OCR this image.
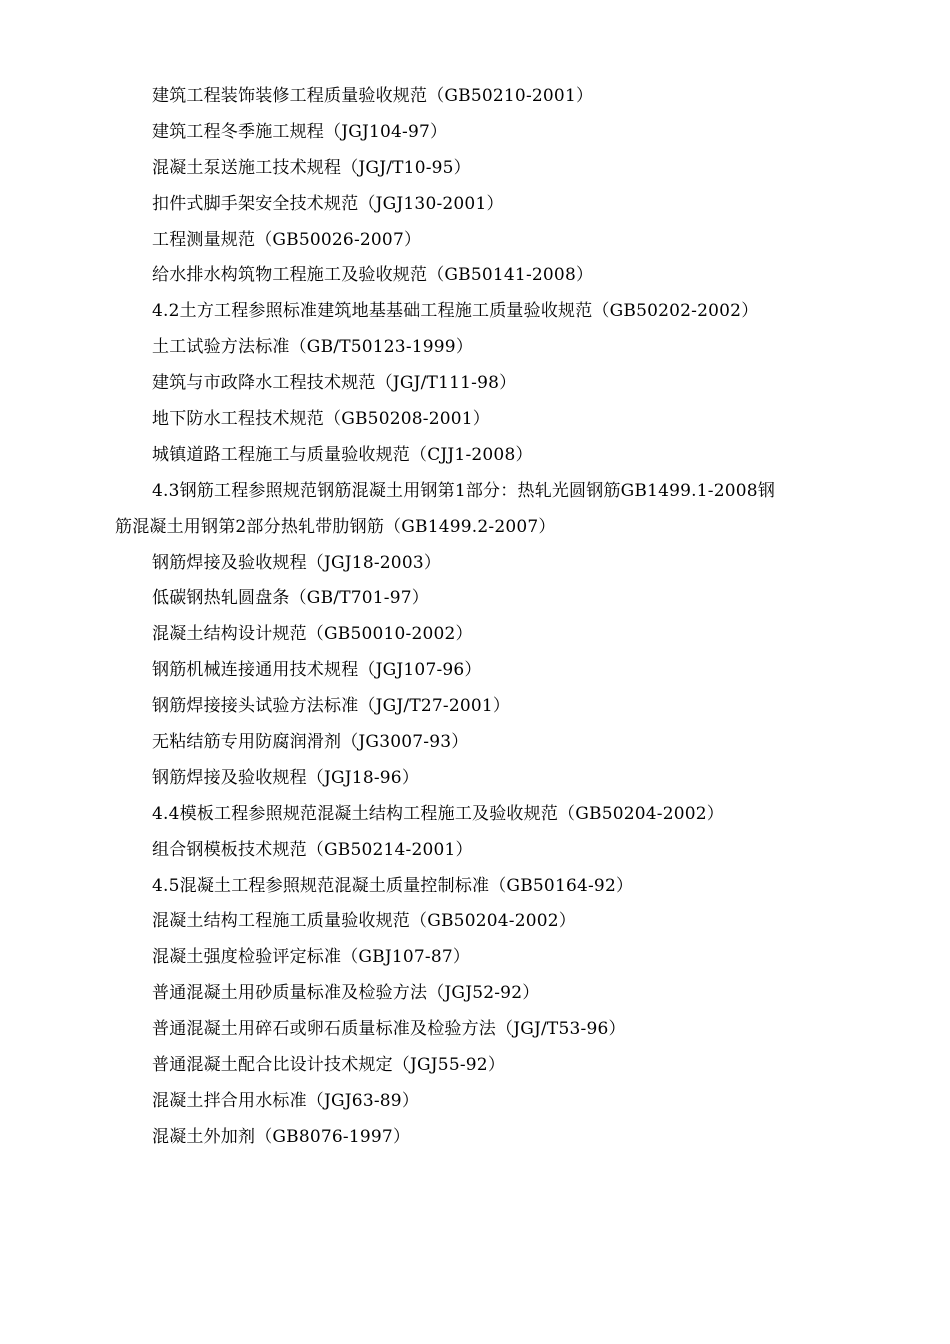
建筑工程装饰装修工程质量验收规范（GB50210-2001）
建筑工程冬季施工规程（JGJ104-97）
混凝土泵送施工技术规程（JGJ/T10-95）
扣件式脚手架安全技术规范（JGJ130-2001）
工程测量规范（GB50026-2007）
给水排水构筑物工程施工及验收规范（GB50141-2008）
4.2土方工程参照标准建筑地基基础工程施工质量验收规范（GB50202-2002）
土工试验方法标准（GB/T50123-1999）
建筑与市政降水工程技术规范（JGJ/T111-98）
地下防水工程技术规范（GB50208-2001）
城镇道路工程施工与质量验收规范（CJJ1-2008）
4.3钢筋工程参照规范钢筋混凝土用钢第1部分：热轧光圆钢筋GB1499.1-2008钢
筋混凝土用钢第2部分热轧带肋钢筋（GB1499.2-2007）
钢筋焊接及验收规程（JGJ18-2003）
低碳钢热轧圆盘条（GB/T701-97）
混凝土结构设计规范（GB50010-2002）
钢筋机械连接通用技术规程（JGJ107-96）
钢筋焊接接头试验方法标准（JGJ/T27-2001）
无粘结筋专用防腐润滑剂（JG3007-93）
钢筋焊接及验收规程（JGJ18-96）
4.4模板工程参照规范混凝土结构工程施工及验收规范（GB50204-2002）
组合钢模板技术规范（GB50214-2001）
4.5混凝土工程参照规范混凝土质量控制标准（GB50164-92）
混凝土结构工程施工质量验收规范（GB50204-2002）
混凝土强度检验评定标准（GBJ107-87）
普通混凝土用砂质量标准及检验方法（JGJ52-92）
普通混凝土用碎石或卵石质量标准及检验方法（JGJ/T53-96）
普通混凝土配合比设计技术规定（JGJ55-92）
混凝土拌合用水标准（JGJ63-89）
混凝土外加剂（GB8076-1997）
